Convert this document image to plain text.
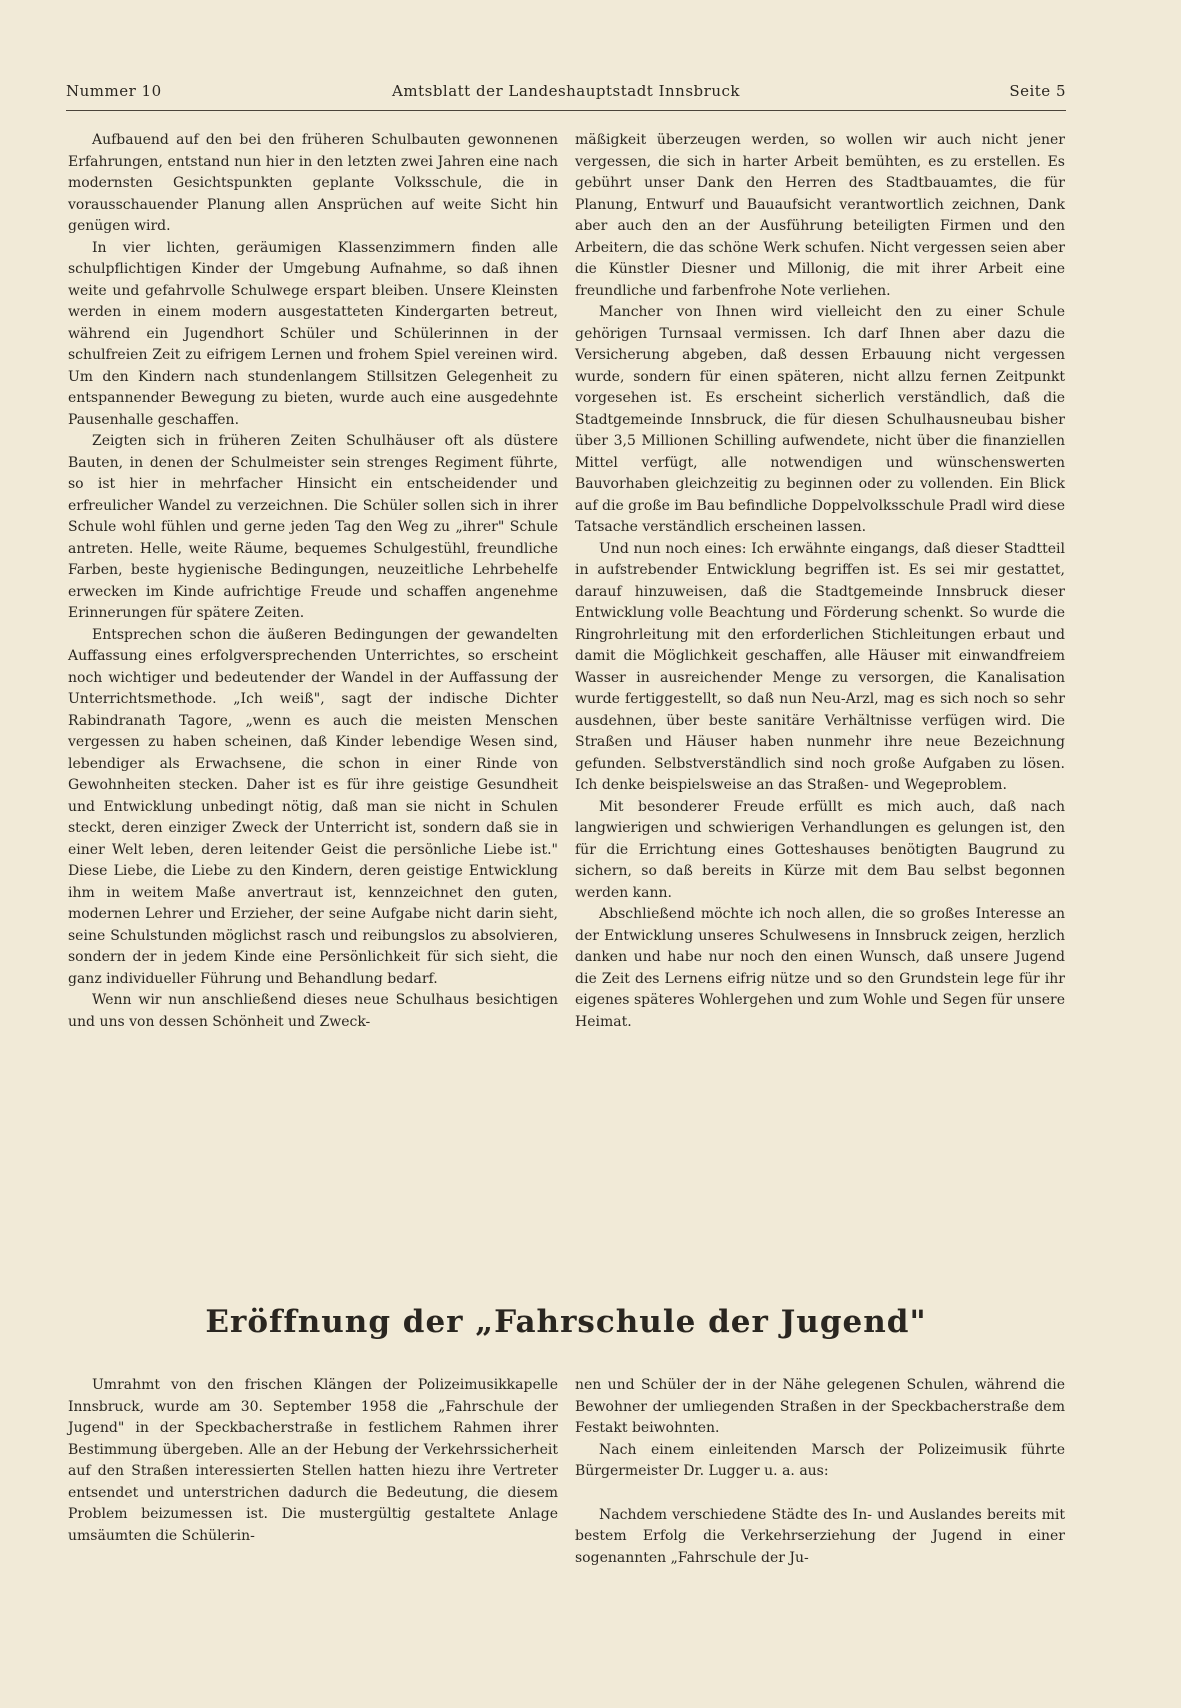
Nummer 10	Amtsblatt der Landeshauptstadt Innsbruck	Seite 5

Aufbauend auf den bei den früheren Schulbauten gewonnenen Erfahrungen, entstand nun hier in den letzten zwei Jahren eine nach modernsten Gesichtspunkten geplante Volksschule, die in vorausschauender Planung allen Ansprüchen auf weite Sicht hin genügen wird.

In vier lichten, geräumigen Klassenzimmern finden alle schulpflichtigen Kinder der Umgebung Aufnahme, so daß ihnen weite und gefahrvolle Schulwege erspart bleiben. Unsere Kleinsten werden in einem modern ausgestatteten Kindergarten betreut, während ein Jugendhort Schüler und Schülerinnen in der schulfreien Zeit zu eifrigem Lernen und frohem Spiel vereinen wird. Um den Kindern nach stundenlangem Stillsitzen Gelegenheit zu entspannender Bewegung zu bieten, wurde auch eine ausgedehnte Pausenhalle geschaffen.

Zeigten sich in früheren Zeiten Schulhäuser oft als düstere Bauten, in denen der Schulmeister sein strenges Regiment führte, so ist hier in mehrfacher Hinsicht ein entscheidender und erfreulicher Wandel zu verzeichnen. Die Schüler sollen sich in ihrer Schule wohl fühlen und gerne jeden Tag den Weg zu „ihrer" Schule antreten. Helle, weite Räume, bequemes Schulgestühl, freundliche Farben, beste hygienische Bedingungen, neuzeitliche Lehrbehelfe erwecken im Kinde aufrichtige Freude und schaffen angenehme Erinnerungen für spätere Zeiten.

Entsprechen schon die äußeren Bedingungen der gewandelten Auffassung eines erfolgversprechenden Unterrichtes, so erscheint noch wichtiger und bedeutender der Wandel in der Auffassung der Unterrichtsmethode. „Ich weiß", sagt der indische Dichter Rabindranath Tagore, „wenn es auch die meisten Menschen vergessen zu haben scheinen, daß Kinder lebendige Wesen sind, lebendiger als Erwachsene, die schon in einer Rinde von Gewohnheiten stecken. Daher ist es für ihre geistige Gesundheit und Entwicklung unbedingt nötig, daß man sie nicht in Schulen steckt, deren einziger Zweck der Unterricht ist, sondern daß sie in einer Welt leben, deren leitender Geist die persönliche Liebe ist." Diese Liebe, die Liebe zu den Kindern, deren geistige Entwicklung ihm in weitem Maße anvertraut ist, kennzeichnet den guten, modernen Lehrer und Erzieher, der seine Aufgabe nicht darin sieht, seine Schulstunden möglichst rasch und reibungslos zu absolvieren, sondern der in jedem Kinde eine Persönlichkeit für sich sieht, die ganz individueller Führung und Behandlung bedarf.

Wenn wir nun anschließend dieses neue Schulhaus besichtigen und uns von dessen Schönheit und Zweck-

mäßigkeit überzeugen werden, so wollen wir auch nicht jener vergessen, die sich in harter Arbeit bemühten, es zu erstellen. Es gebührt unser Dank den Herren des Stadtbauamtes, die für Planung, Entwurf und Bauaufsicht verantwortlich zeichnen, Dank aber auch den an der Ausführung beteiligten Firmen und den Arbeitern, die das schöne Werk schufen. Nicht vergessen seien aber die Künstler Diesner und Millonig, die mit ihrer Arbeit eine freundliche und farbenfrohe Note verliehen.

Mancher von Ihnen wird vielleicht den zu einer Schule gehörigen Turnsaal vermissen. Ich darf Ihnen aber dazu die Versicherung abgeben, daß dessen Erbauung nicht vergessen wurde, sondern für einen späteren, nicht allzu fernen Zeitpunkt vorgesehen ist. Es erscheint sicherlich verständlich, daß die Stadtgemeinde Innsbruck, die für diesen Schulhausneubau bisher über 3,5 Millionen Schilling aufwendete, nicht über die finanziellen Mittel verfügt, alle notwendigen und wünschenswerten Bauvorhaben gleichzeitig zu beginnen oder zu vollenden. Ein Blick auf die große im Bau befindliche Doppelvolksschule Pradl wird diese Tatsache verständlich erscheinen lassen.

Und nun noch eines: Ich erwähnte eingangs, daß dieser Stadtteil in aufstrebender Entwicklung begriffen ist. Es sei mir gestattet, darauf hinzuweisen, daß die Stadtgemeinde Innsbruck dieser Entwicklung volle Beachtung und Förderung schenkt. So wurde die Ringrohrleitung mit den erforderlichen Stichleitungen erbaut und damit die Möglichkeit geschaffen, alle Häuser mit einwandfreiem Wasser in ausreichender Menge zu versorgen, die Kanalisation wurde fertiggestellt, so daß nun Neu-Arzl, mag es sich noch so sehr ausdehnen, über beste sanitäre Verhältnisse verfügen wird. Die Straßen und Häuser haben nunmehr ihre neue Bezeichnung gefunden. Selbstverständlich sind noch große Aufgaben zu lösen. Ich denke beispielsweise an das Straßen- und Wegeproblem.

Mit besonderer Freude erfüllt es mich auch, daß nach langwierigen und schwierigen Verhandlungen es gelungen ist, den für die Errichtung eines Gotteshauses benötigten Baugrund zu sichern, so daß bereits in Kürze mit dem Bau selbst begonnen werden kann.

Abschließend möchte ich noch allen, die so großes Interesse an der Entwicklung unseres Schulwesens in Innsbruck zeigen, herzlich danken und habe nur noch den einen Wunsch, daß unsere Jugend die Zeit des Lernens eifrig nütze und so den Grundstein lege für ihr eigenes späteres Wohlergehen und zum Wohle und Segen für unsere Heimat.

Eröffnung der „Fahrschule der Jugend"

Umrahmt von den frischen Klängen der Polizeimusikkapelle Innsbruck, wurde am 30. September 1958 die „Fahrschule der Jugend" in der Speckbacherstraße in festlichem Rahmen ihrer Bestimmung übergeben. Alle an der Hebung der Verkehrssicherheit auf den Straßen interessierten Stellen hatten hiezu ihre Vertreter entsendet und unterstrichen dadurch die Bedeutung, die diesem Problem beizumessen ist. Die mustergültig gestaltete Anlage umsäumten die Schülerin-

nen und Schüler der in der Nähe gelegenen Schulen, während die Bewohner der umliegenden Straßen in der Speckbacherstraße dem Festakt beiwohnten.

Nach einem einleitenden Marsch der Polizeimusik führte Bürgermeister Dr. Lugger u. a. aus:

Nachdem verschiedene Städte des In- und Auslandes bereits mit bestem Erfolg die Verkehrserziehung der Jugend in einer sogenannten „Fahrschule der Ju-
